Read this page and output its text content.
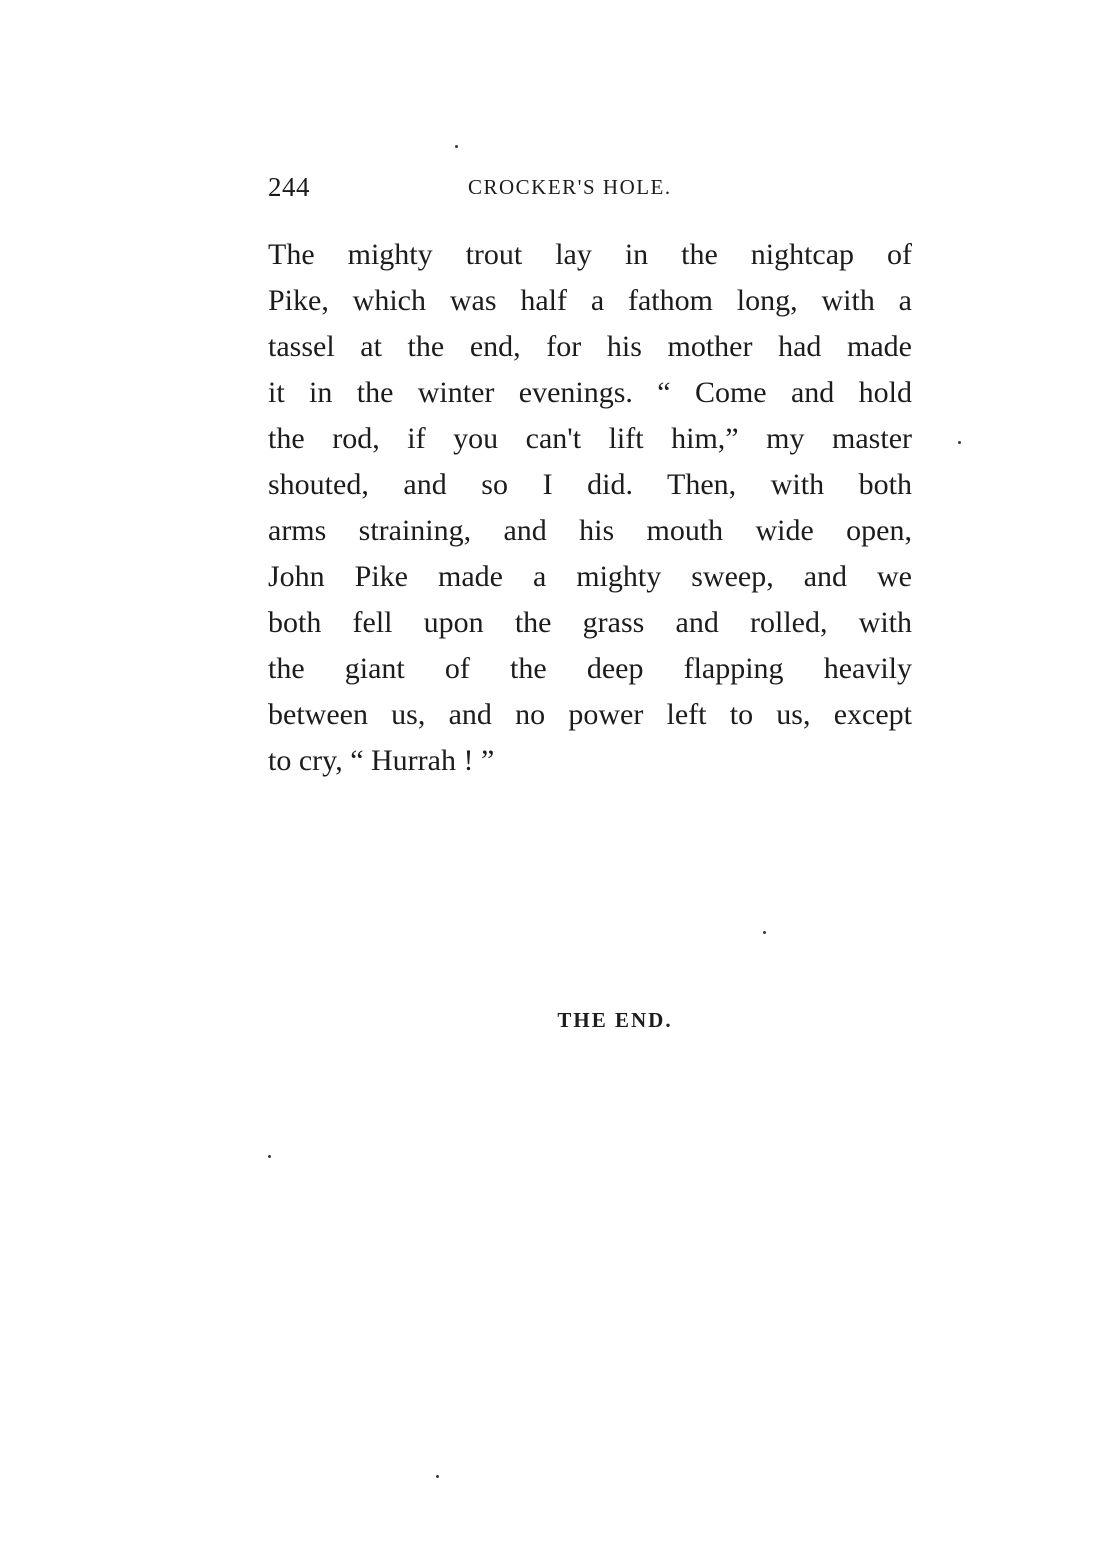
244	CROCKER'S HOLE.
The mighty trout lay in the nightcap of
Pike, which was half a fathom long, with a
tassel at the end, for his mother had made
it in the winter evenings. “ Come and hold
the rod, if you can't lift him,” my master
shouted, and so I did. Then, with both
arms straining, and his mouth wide open,
John Pike made a mighty sweep, and we
both fell upon the grass and rolled, with
the giant of the deep flapping heavily
between us, and no power left to us, except
to cry, “ Hurrah ! ”
THE END.
